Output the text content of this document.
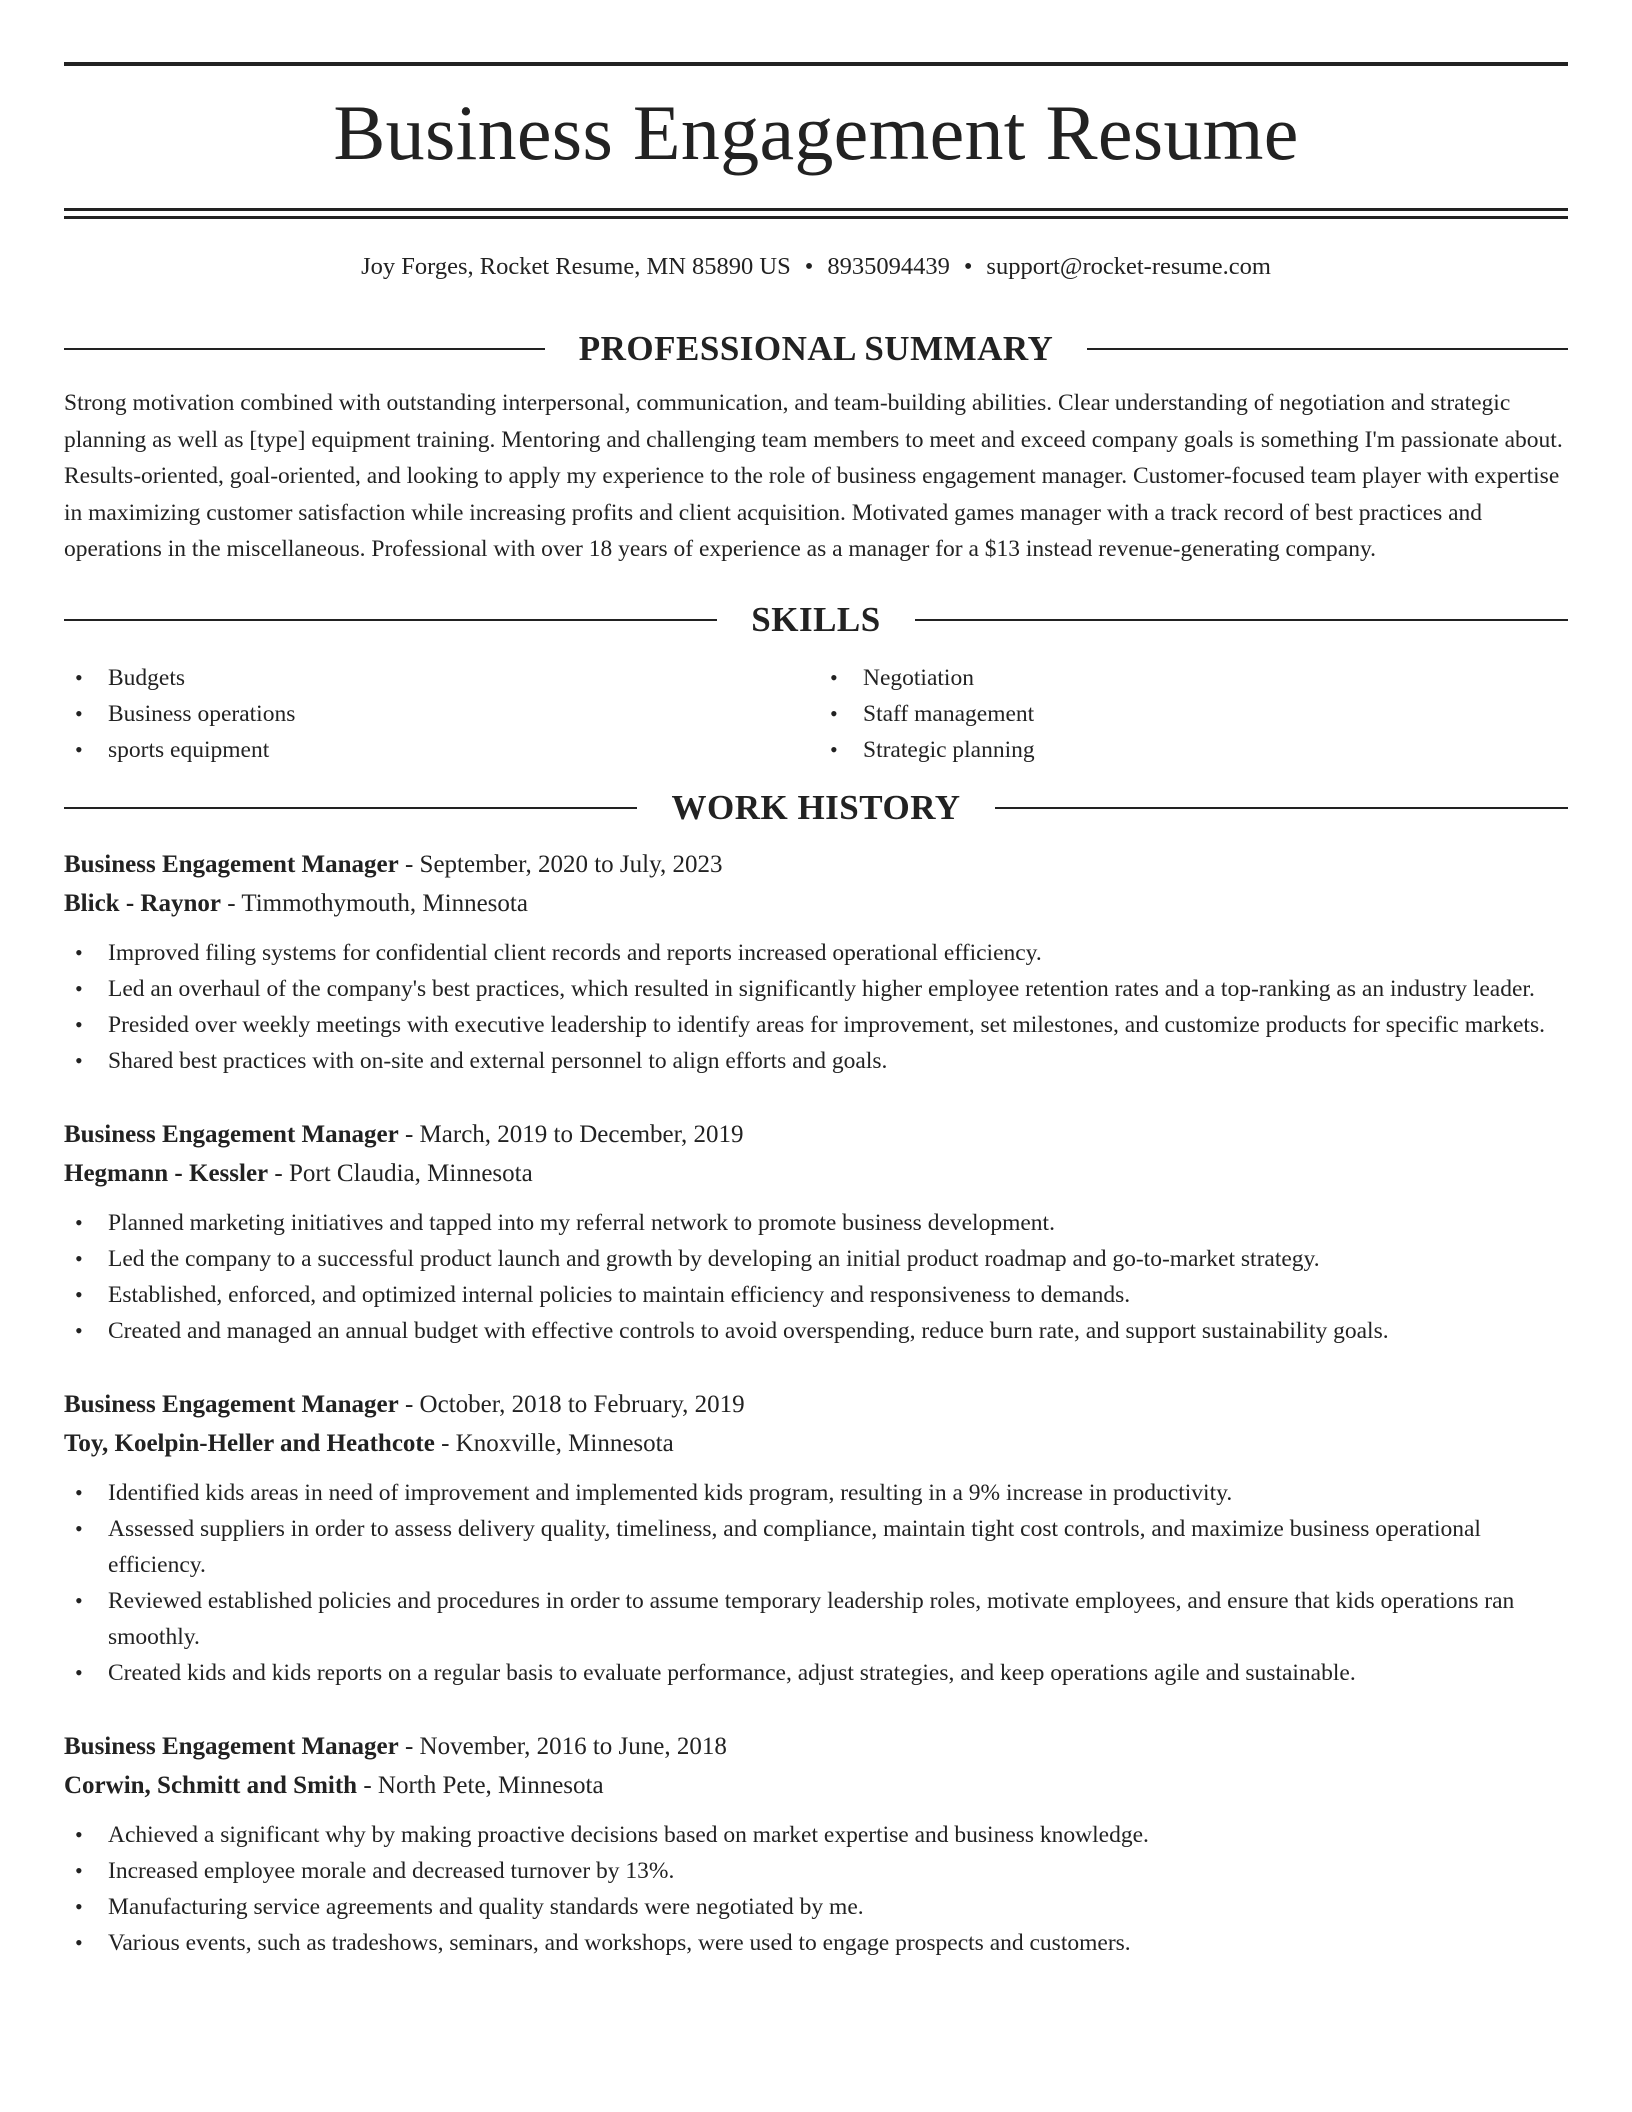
Business Engagement Resume
Joy Forges, Rocket Resume, MN 85890 US • 8935094439 • support@rocket-resume.com
PROFESSIONAL SUMMARY

Strong motivation combined with outstanding interpersonal, communication, and team-building abilities. Clear understanding of negotiation and strategic planning as well as [type] equipment training. Mentoring and challenging team members to meet and exceed company goals is something I'm passionate about. Results-oriented, goal-oriented, and looking to apply my experience to the role of business engagement manager. Customer-focused team player with expertise in maximizing customer satisfaction while increasing profits and client acquisition. Motivated games manager with a track record of best practices and operations in the miscellaneous. Professional with over 18 years of experience as a manager for a $13 instead revenue-generating company.

SKILLS
• Budgets
• Business operations
• sports equipment
• Negotiation
• Staff management
• Strategic planning
WORK HISTORY
Business Engagement Manager - September, 2020 to July, 2023
Blick - Raynor - Timmothymouth, Minnesota
• Improved filing systems for confidential client records and reports increased operational efficiency.
• Led an overhaul of the company's best practices, which resulted in significantly higher employee retention rates and a top-ranking as an industry leader.
• Presided over weekly meetings with executive leadership to identify areas for improvement, set milestones, and customize products for specific markets.
• Shared best practices with on-site and external personnel to align efforts and goals.
Business Engagement Manager - March, 2019 to December, 2019
Hegmann - Kessler - Port Claudia, Minnesota
• Planned marketing initiatives and tapped into my referral network to promote business development.
• Led the company to a successful product launch and growth by developing an initial product roadmap and go-to-market strategy.
• Established, enforced, and optimized internal policies to maintain efficiency and responsiveness to demands.
• Created and managed an annual budget with effective controls to avoid overspending, reduce burn rate, and support sustainability goals.
Business Engagement Manager - October, 2018 to February, 2019
Toy, Koelpin-Heller and Heathcote - Knoxville, Minnesota
• Identified kids areas in need of improvement and implemented kids program, resulting in a 9% increase in productivity.
• Assessed suppliers in order to assess delivery quality, timeliness, and compliance, maintain tight cost controls, and maximize business operational efficiency.
• Reviewed established policies and procedures in order to assume temporary leadership roles, motivate employees, and ensure that kids operations ran smoothly.
• Created kids and kids reports on a regular basis to evaluate performance, adjust strategies, and keep operations agile and sustainable.
Business Engagement Manager - November, 2016 to June, 2018
Corwin, Schmitt and Smith - North Pete, Minnesota
• Achieved a significant why by making proactive decisions based on market expertise and business knowledge.
• Increased employee morale and decreased turnover by 13%.
• Manufacturing service agreements and quality standards were negotiated by me.
• Various events, such as tradeshows, seminars, and workshops, were used to engage prospects and customers.
